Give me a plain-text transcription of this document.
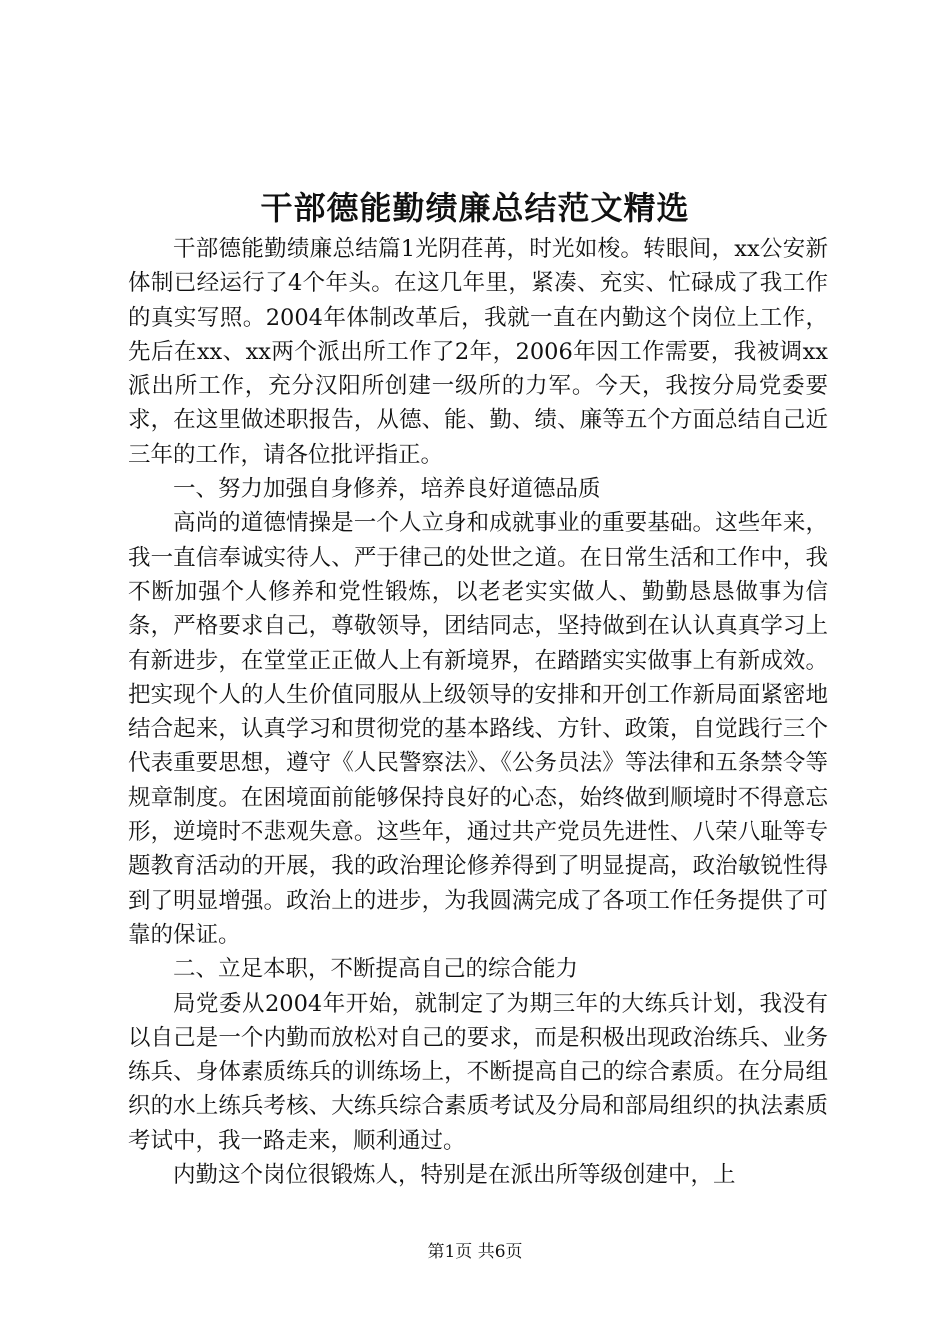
干部德能勤绩廉总结范文精选

干部德能勤绩廉总结篇1光阴荏苒，时光如梭。转眼间，xx公安新体制已经运行了4个年头。在这几年里，紧凑、充实、忙碌成了我工作的真实写照。2004年体制改革后，我就一直在内勤这个岗位上工作，先后在xx、xx两个派出所工作了2年，2006年因工作需要，我被调xx派出所工作，充分汉阳所创建一级所的力军。今天，我按分局党委要求，在这里做述职报告，从德、能、勤、绩、廉等五个方面总结自己近三年的工作，请各位批评指正。

一、努力加强自身修养，培养良好道德品质

高尚的道德情操是一个人立身和成就事业的重要基础。这些年来，我一直信奉诚实待人、严于律己的处世之道。在日常生活和工作中，我不断加强个人修养和党性锻炼，以老老实实做人、勤勤恳恳做事为信条，严格要求自己，尊敬领导，团结同志，坚持做到在认认真真学习上有新进步，在堂堂正正做人上有新境界，在踏踏实实做事上有新成效。把实现个人的人生价值同服从上级领导的安排和开创工作新局面紧密地结合起来，认真学习和贯彻党的基本路线、方针、政策，自觉践行三个代表重要思想，遵守《人民警察法》、《公务员法》等法律和五条禁令等规章制度。在困境面前能够保持良好的心态，始终做到顺境时不得意忘形，逆境时不悲观失意。这些年，通过共产党员先进性、八荣八耻等专题教育活动的开展，我的政治理论修养得到了明显提高，政治敏锐性得到了明显增强。政治上的进步，为我圆满完成了各项工作任务提供了可靠的保证。

二、立足本职，不断提高自己的综合能力

局党委从2004年开始，就制定了为期三年的大练兵计划，我没有以自己是一个内勤而放松对自己的要求，而是积极出现政治练兵、业务练兵、身体素质练兵的训练场上，不断提高自己的综合素质。在分局组织的水上练兵考核、大练兵综合素质考试及分局和部局组织的执法素质考试中，我一路走来，顺利通过。

内勤这个岗位很锻炼人，特别是在派出所等级创建中，上

第1页 共6页
